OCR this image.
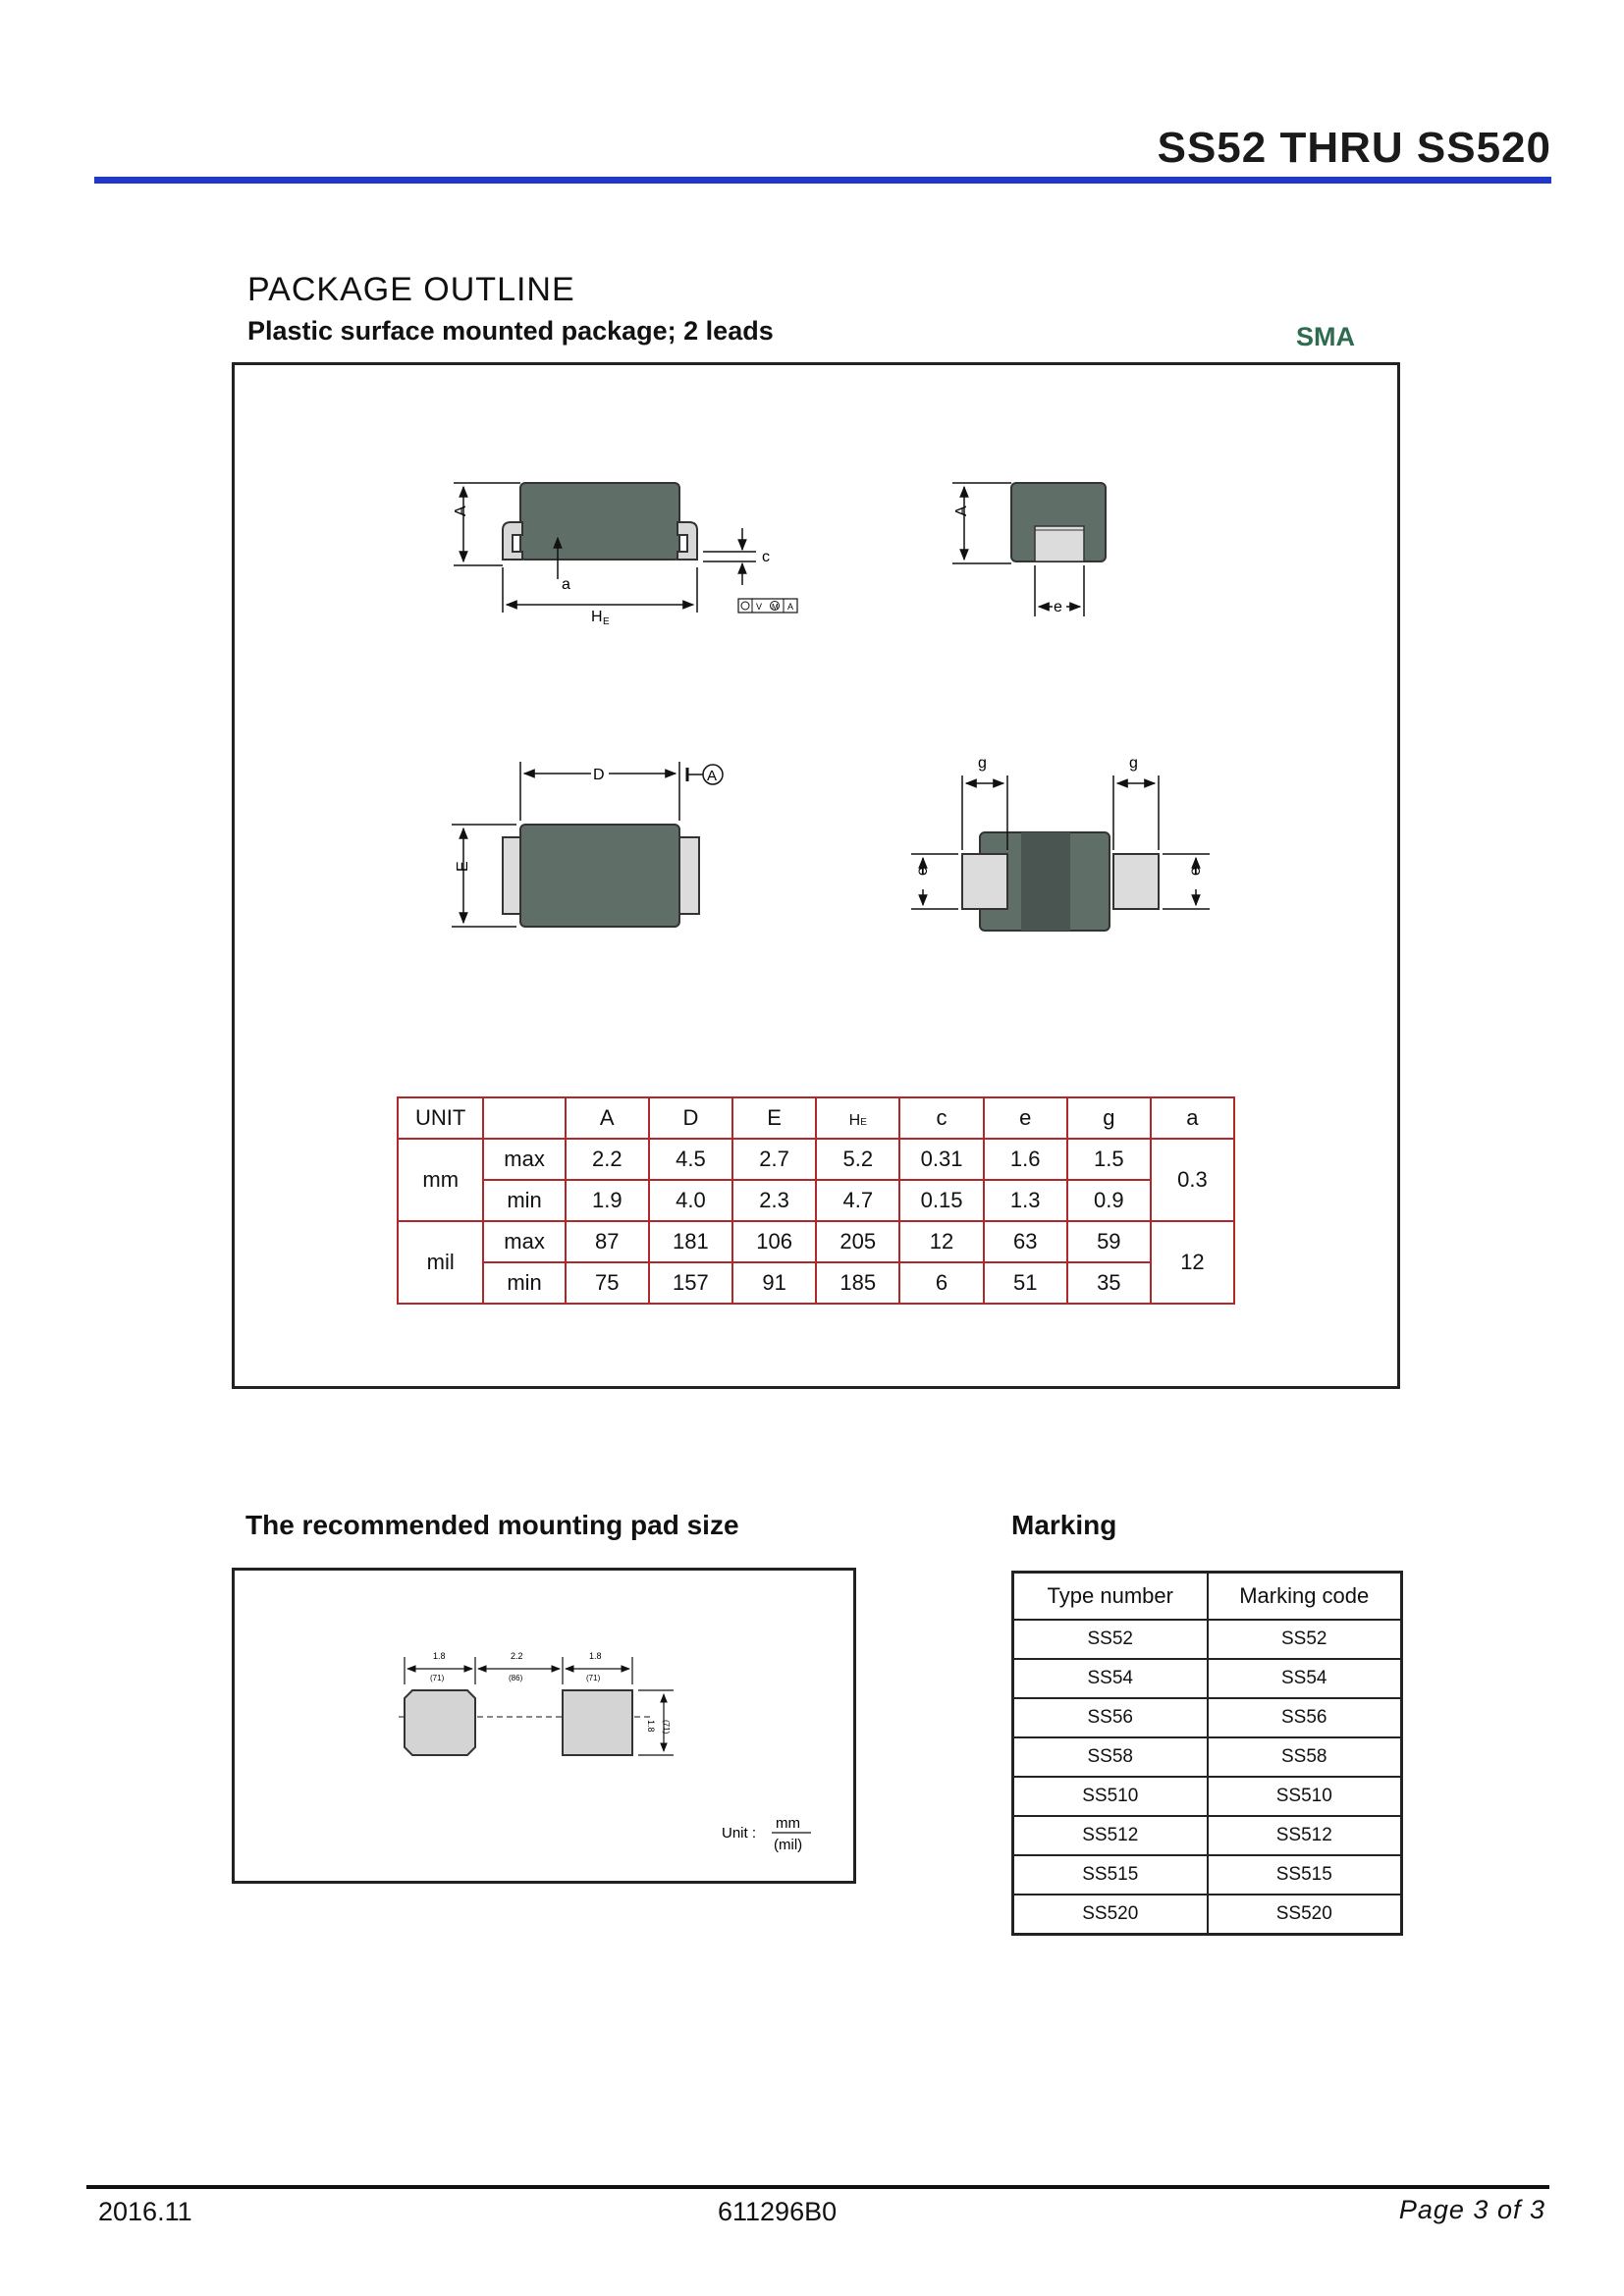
SS52 THRU SS520
PACKAGE OUTLINE
Plastic surface mounted package; 2 leads	SMA
A
a
c
H E
V M A
A
e
D	A
E
g	g
e	e
1.8
(71)
2.2
(86)
1.8
(71)
1.8 (71)
Unit :
mm
(mil)
UNIT		A	D	E	HE	c	e	g	a
mm	max	2.2	4.5	2.7	5.2	0.31	1.6	1.5	0.3
	min	1.9	4.0	2.3	4.7	0.15	1.3	0.9	
mil	max	87	181	106	205	12	63	59	12
	min	75	157	91	185	6	51	35	
The recommended mounting pad size	Marking
Type number	Marking code
SS52	SS52
SS54	SS54
SS56	SS56
SS58	SS58
SS510	SS510
SS512	SS512
SS515	SS515
SS520	SS520
2016.11	611296B0	Page 3 of 3
